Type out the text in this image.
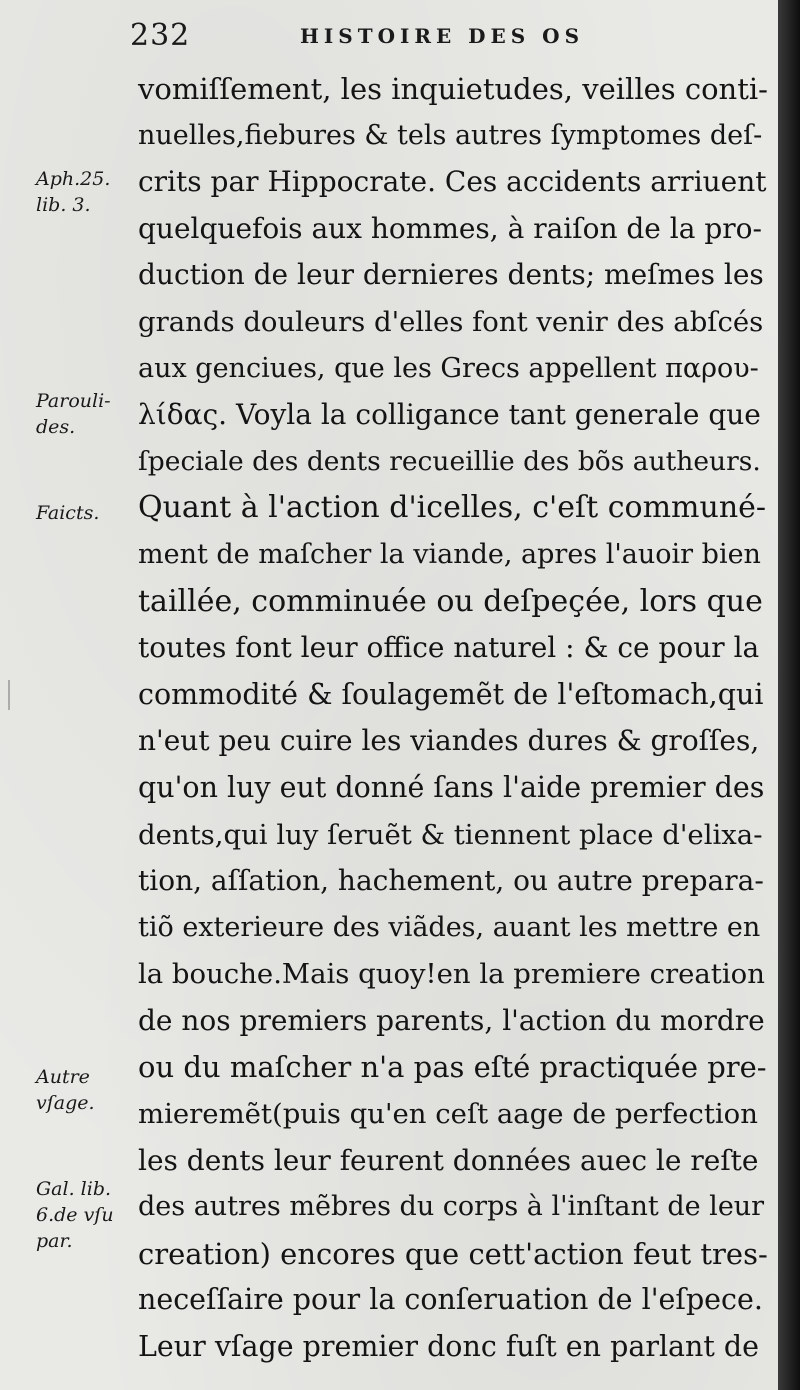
232	HISTOIRE DES OS
vomiſſement, les inquietudes, veilles conti-
nuelles,fiebures & tels autres ſymptomes deſ-
crits par Hippocrate. Ces accidents arriuent
quelquefois aux hommes, à raiſon de la pro-
duction de leur dernieres dents; meſmes les
grands douleurs d'elles font venir des abſcés
aux genciues, que les Grecs appellent παρου-
λίδας. Voyla la colligance tant generale que
ſpeciale des dents recueillie des bõs autheurs.
Quant à l'action d'icelles, c'eſt communé-
ment de maſcher la viande, apres l'auoir bien
taillée, comminuée ou deſpeçée, lors que
toutes font leur office naturel : & ce pour la
commodité & ſoulagemẽt de l'eſtomach,qui
n'eut peu cuire les viandes dures & groſſes,
qu'on luy eut donné ſans l'aide premier des
dents,qui luy ſeruẽt & tiennent place d'elixa-
tion, aſſation, hachement, ou autre prepara-
tiõ exterieure des viãdes, auant les mettre en
la bouche.Mais quoy!en la premiere creation
de nos premiers parents, l'action du mordre
ou du maſcher n'a pas eſté practiquée pre-
mieremẽt(puis qu'en ceſt aage de perfection
les dents leur feurent données auec le reſte
des autres mẽbres du corps à l'inſtant de leur
creation) encores que cett'action feut tres-
neceſſaire pour la conſeruation de l'eſpece.
Leur vſage premier donc fuſt en parlant de
Aph.25.
lib. 3.
Parouli-
des.
Faicts.
Autre
vſage.
Gal. lib.
6.de vſu
par.
